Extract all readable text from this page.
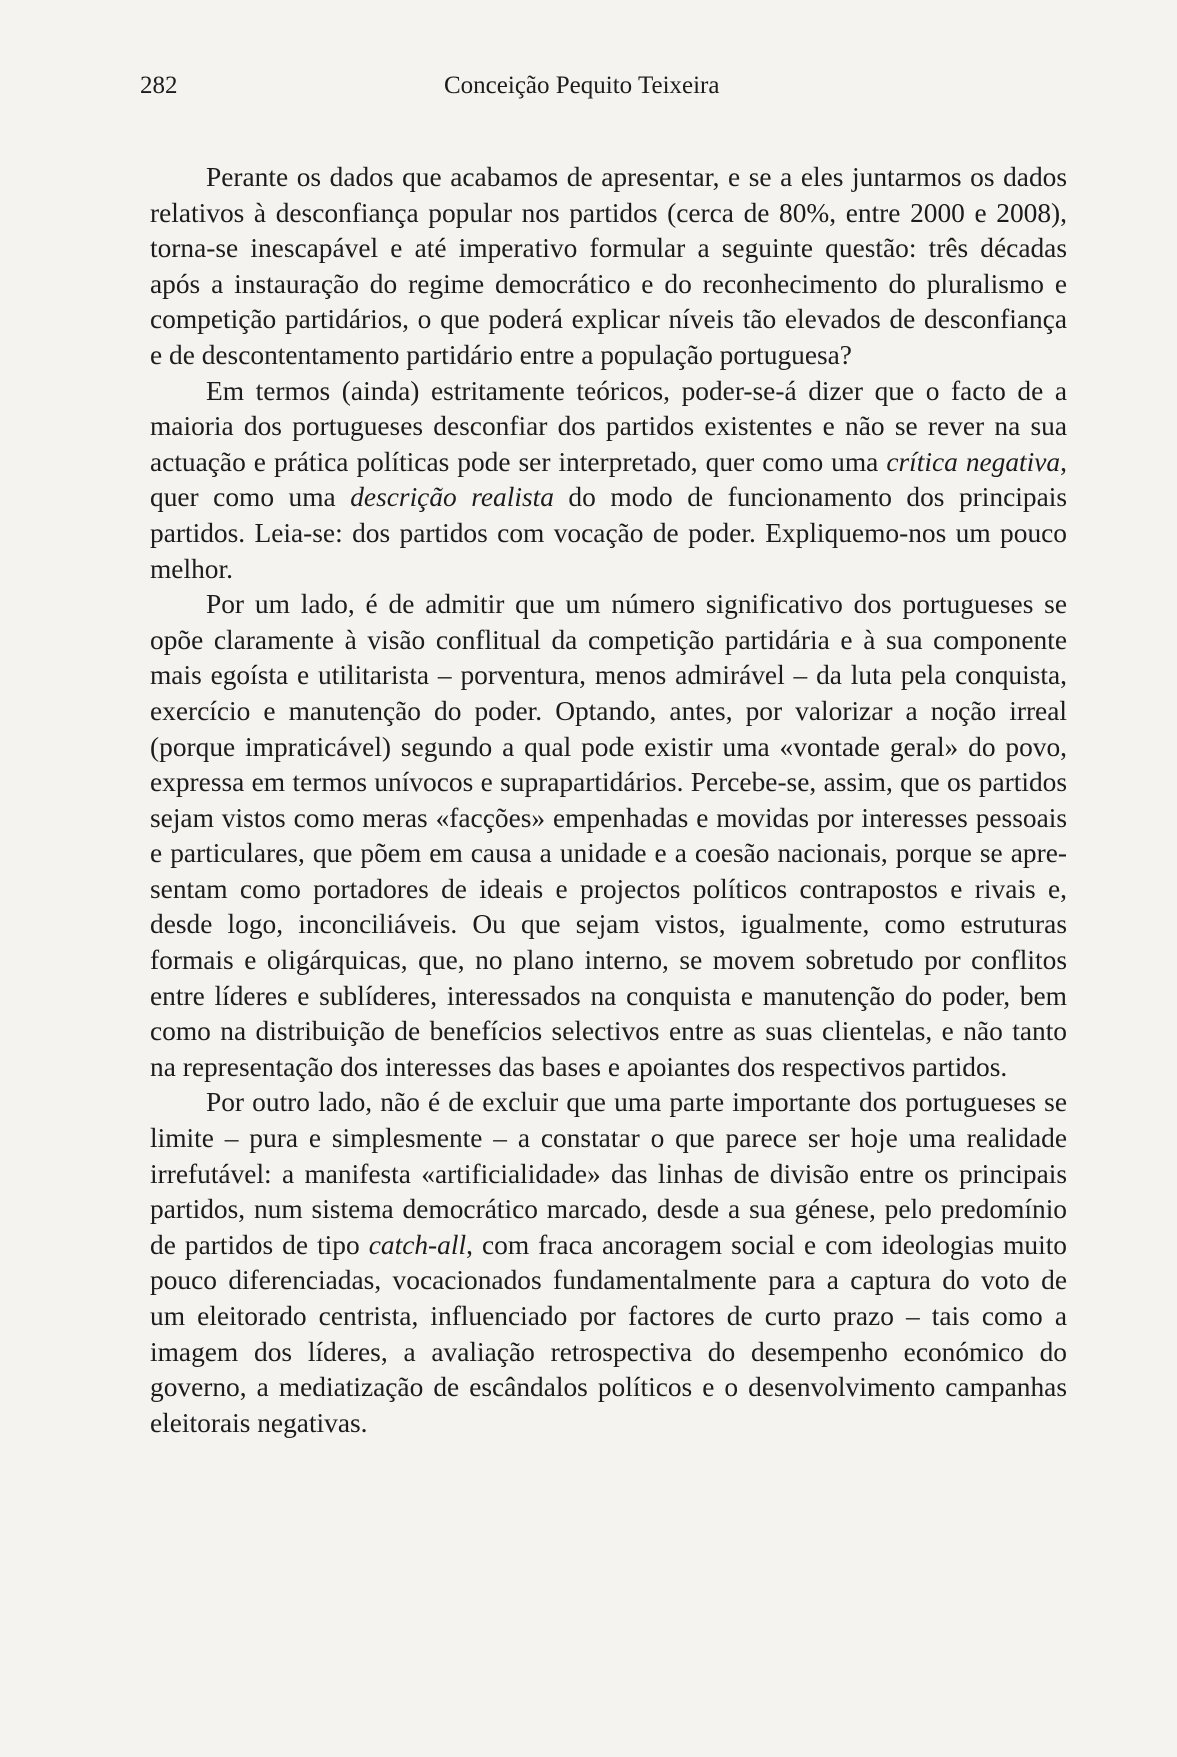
282	Conceição Pequito Teixeira

Perante os dados que acabamos de apresentar, e se a eles juntarmos os dados relativos à desconfiança popular nos partidos (cerca de 80%, entre 2000 e 2008), torna-se inescapável e até imperativo formular a seguinte questão: três décadas após a instauração do regime democrático e do reconhecimento do pluralismo e competição partidários, o que poderá explicar níveis tão elevados de desconfiança e de descontentamento partidário entre a população portuguesa?

Em termos (ainda) estritamente teóricos, poder-se-á dizer que o facto de a maioria dos portugueses desconfiar dos partidos existentes e não se rever na sua actuação e prática políticas pode ser interpretado, quer como uma crítica negativa, quer como uma descrição realista do modo de funcionamento dos principais partidos. Leia-se: dos partidos com vocação de poder. Expliquemo-nos um pouco melhor.

Por um lado, é de admitir que um número significativo dos portugueses se opõe claramente à visão conflitual da competição partidária e à sua componente mais egoísta e utilitarista – porventura, menos admirável – da luta pela conquista, exercício e manutenção do poder. Optando, antes, por valorizar a noção irreal (porque impraticável) segundo a qual pode existir uma «vontade geral» do povo, expressa em termos unívocos e suprapartidários. Percebe-se, assim, que os partidos sejam vistos como meras «facções» empenhadas e movidas por interesses pessoais e particulares, que põem em causa a unidade e a coesão nacionais, porque se apresentam como portadores de ideais e projectos políticos contrapostos e rivais e, desde logo, inconciliáveis. Ou que sejam vistos, igualmente, como estruturas formais e oligárquicas, que, no plano interno, se movem sobretudo por conflitos entre líderes e sublíderes, interessados na conquista e manutenção do poder, bem como na distribuição de benefícios selectivos entre as suas clientelas, e não tanto na representação dos interesses das bases e apoiantes dos respectivos partidos.

Por outro lado, não é de excluir que uma parte importante dos portugueses se limite – pura e simplesmente – a constatar o que parece ser hoje uma realidade irrefutável: a manifesta «artificialidade» das linhas de divisão entre os principais partidos, num sistema democrático marcado, desde a sua génese, pelo predomínio de partidos de tipo catch-all, com fraca ancoragem social e com ideologias muito pouco diferenciadas, vocacionados fundamentalmente para a captura do voto de um eleitorado centrista, influenciado por factores de curto prazo – tais como a imagem dos líderes, a avaliação retrospectiva do desempenho económico do governo, a mediatização de escândalos políticos e o desenvolvimento campanhas eleitorais negativas.
